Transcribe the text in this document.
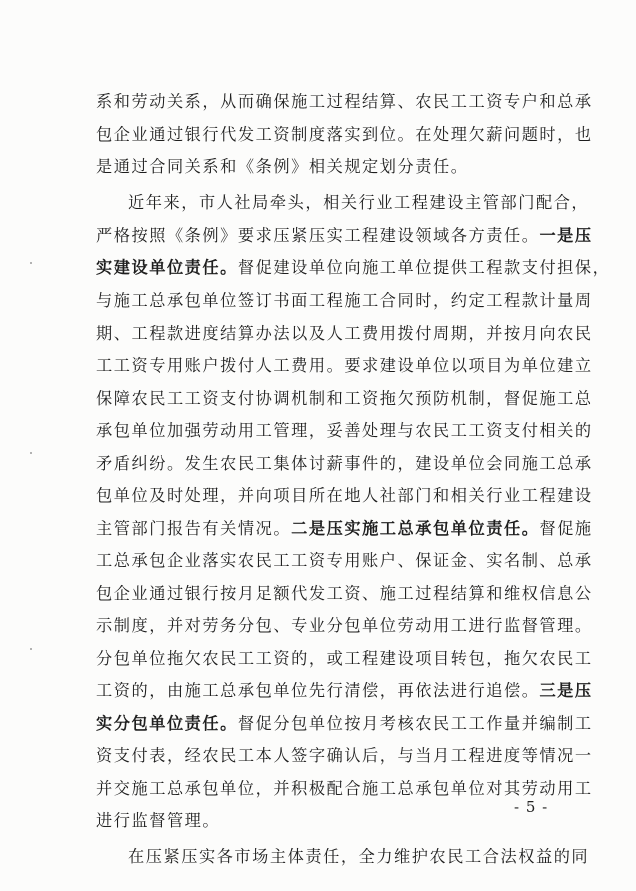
系和劳动关系，从而确保施工过程结算、农民工工资专户和总承
包企业通过银行代发工资制度落实到位。在处理欠薪问题时，也
是通过合同关系和《条例》相关规定划分责任。
近年来，市人社局牵头，相关行业工程建设主管部门配合，
严格按照《条例》要求压紧压实工程建设领域各方责任。一是压
实建设单位责任。督促建设单位向施工单位提供工程款支付担保，
与施工总承包单位签订书面工程施工合同时，约定工程款计量周
期、工程款进度结算办法以及人工费用拨付周期，并按月向农民
工工资专用账户拨付人工费用。要求建设单位以项目为单位建立
保障农民工工资支付协调机制和工资拖欠预防机制，督促施工总
承包单位加强劳动用工管理，妥善处理与农民工工资支付相关的
矛盾纠纷。发生农民工集体讨薪事件的，建设单位会同施工总承
包单位及时处理，并向项目所在地人社部门和相关行业工程建设
主管部门报告有关情况。二是压实施工总承包单位责任。督促施
工总承包企业落实农民工工资专用账户、保证金、实名制、总承
包企业通过银行按月足额代发工资、施工过程结算和维权信息公
示制度，并对劳务分包、专业分包单位劳动用工进行监督管理。
分包单位拖欠农民工工资的，或工程建设项目转包，拖欠农民工
工资的，由施工总承包单位先行清偿，再依法进行追偿。三是压
实分包单位责任。督促分包单位按月考核农民工工作量并编制工
资支付表，经农民工本人签字确认后，与当月工程进度等情况一
并交施工总承包单位，并积极配合施工总承包单位对其劳动用工
进行监督管理。
在压紧压实各市场主体责任，全力维护农民工合法权益的同
- 5 -
